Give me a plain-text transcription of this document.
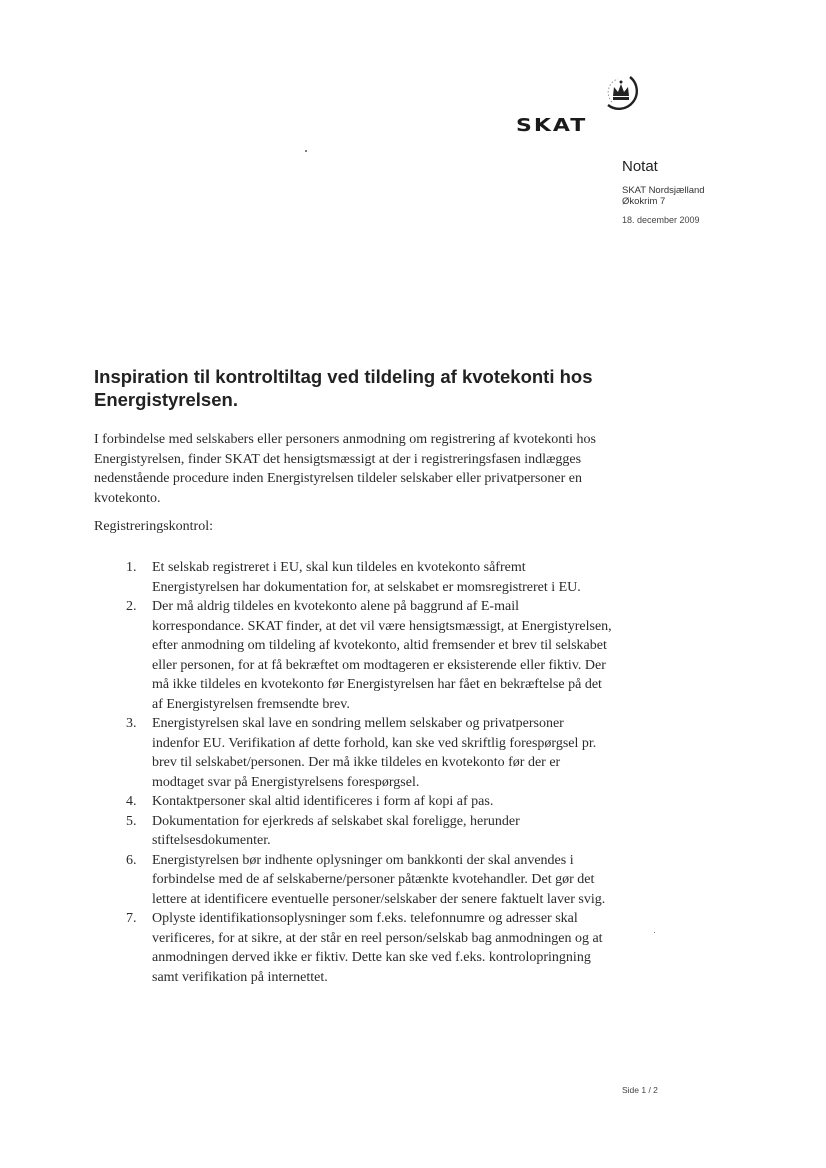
SKAT
Notat
SKAT Nordsjælland
Økokrim 7
18. december 2009
Inspiration til kontroltiltag ved tildeling af kvotekonti hos Energistyrelsen.

I forbindelse med selskabers eller personers anmodning om registrering af kvotekonti hos Energistyrelsen, finder SKAT det hensigtsmæssigt at der i registreringsfasen indlægges nedenstående procedure inden Energistyrelsen tildeler selskaber eller privatpersoner en kvotekonto.

Registreringskontrol:

1. Et selskab registreret i EU, skal kun tildeles en kvotekonto såfremt Energistyrelsen har dokumentation for, at selskabet er momsregistreret i EU.
2. Der må aldrig tildeles en kvotekonto alene på baggrund af E-mail korrespondance. SKAT finder, at det vil være hensigtsmæssigt, at Energistyrelsen, efter anmodning om tildeling af kvotekonto, altid fremsender et brev til selskabet eller personen, for at få bekræftet om modtageren er eksisterende eller fiktiv. Der må ikke tildeles en kvotekonto før Energistyrelsen har fået en bekræftelse på det af Energistyrelsen fremsendte brev.
3. Energistyrelsen skal lave en sondring mellem selskaber og privatpersoner indenfor EU. Verifikation af dette forhold, kan ske ved skriftlig forespørgsel pr. brev til selskabet/personen. Der må ikke tildeles en kvotekonto før der er modtaget svar på Energistyrelsens forespørgsel.
4. Kontaktpersoner skal altid identificeres i form af kopi af pas.
5. Dokumentation for ejerkreds af selskabet skal foreligge, herunder stiftelsesdokumenter.
6. Energistyrelsen bør indhente oplysninger om bankkonti der skal anvendes i forbindelse med de af selskaberne/personer påtænkte kvotehandler. Det gør det lettere at identificere eventuelle personer/selskaber der senere faktuelt laver svig.
7. Oplyste identifikationsoplysninger som f.eks. telefonnumre og adresser skal verificeres, for at sikre, at der står en reel person/selskab bag anmodningen og at anmodningen derved ikke er fiktiv. Dette kan ske ved f.eks. kontrolopringning samt verifikation på internettet.
Side 1 / 2
